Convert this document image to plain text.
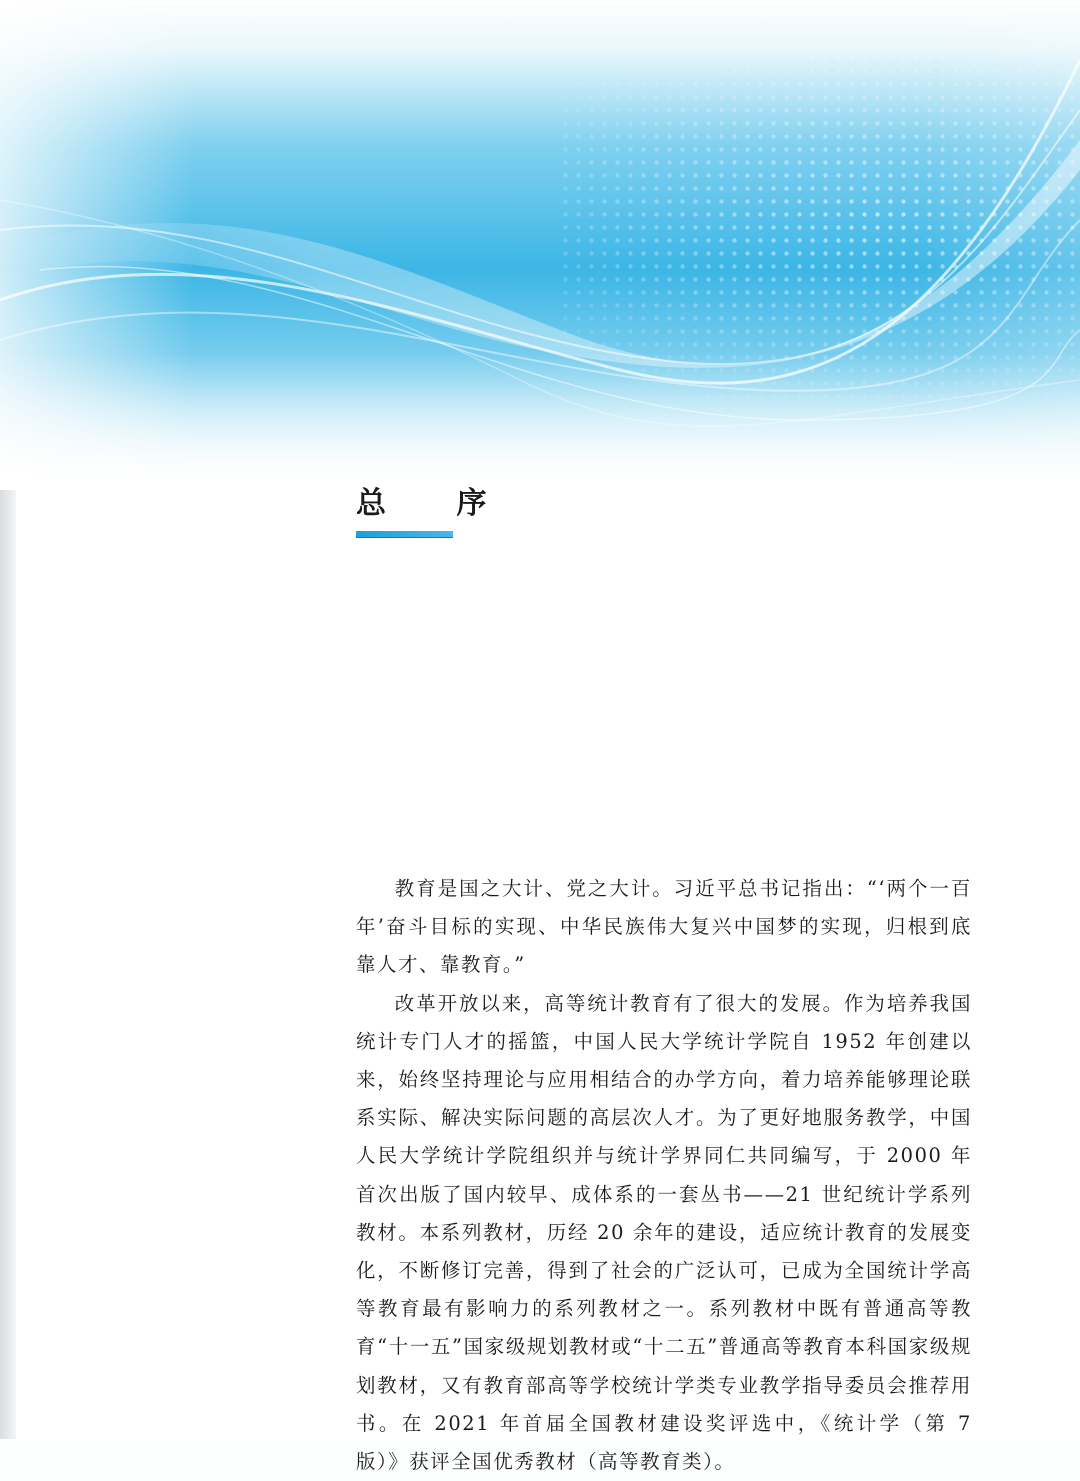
总 序

教育是国之大计、党之大计。习近平总书记指出：“‘两个一百年’奋斗目标的实现、中华民族伟大复兴中国梦的实现，归根到底靠人才、靠教育。”

改革开放以来，高等统计教育有了很大的发展。作为培养我国统计专门人才的摇篮，中国人民大学统计学院自 1952 年创建以来，始终坚持理论与应用相结合的办学方向，着力培养能够理论联系实际、解决实际问题的高层次人才。为了更好地服务教学，中国人民大学统计学院组织并与统计学界同仁共同编写，于 2000 年首次出版了国内较早、成体系的一套丛书——21 世纪统计学系列教材。本系列教材，历经 20 余年的建设，适应统计教育的发展变化，不断修订完善，得到了社会的广泛认可，已成为全国统计学高等教育最有影响力的系列教材之一。系列教材中既有普通高等教育“十一五”国家级规划教材或“十二五”普通高等教育本科国家级规划教材，又有教育部高等学校统计学类专业教学指导委员会推荐用书。在 2021 年首届全国教材建设奖评选中，《统计学（第 7 版）》获评全国优秀教材（高等教育类）。
